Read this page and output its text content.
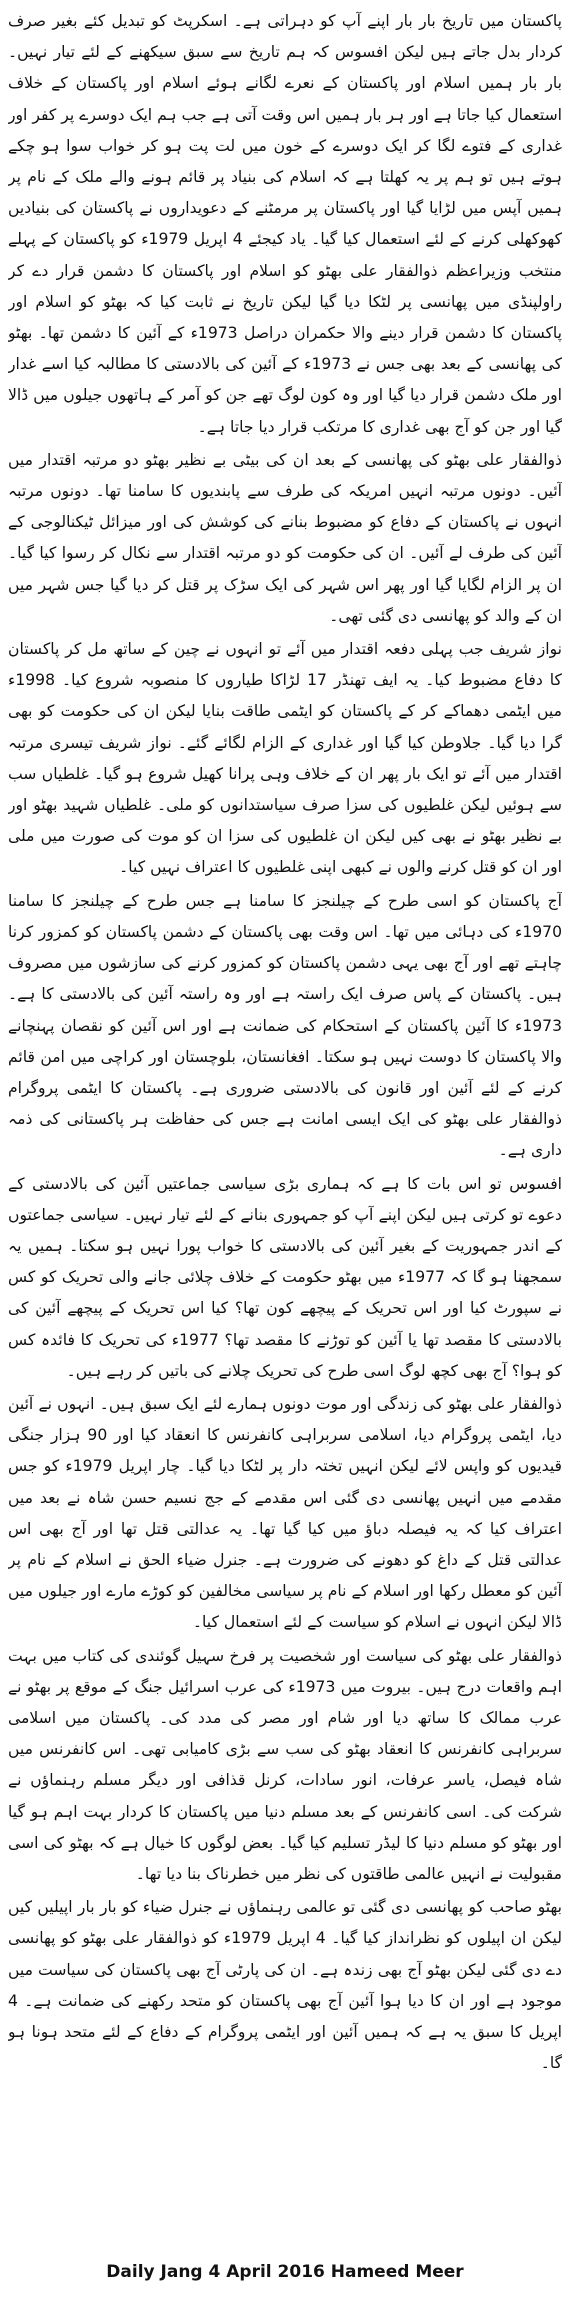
پاکستان میں تاریخ بار بار اپنے آپ کو دہراتی ہے۔ اسکرپٹ کو تبدیل کئے بغیر صرف کردار بدل جاتے ہیں لیکن افسوس کہ ہم تاریخ سے سبق سیکھنے کے لئے تیار نہیں۔ بار بار ہمیں اسلام اور پاکستان کے نعرے لگانے ہوئے اسلام اور پاکستان کے خلاف استعمال کیا جاتا ہے اور ہر بار ہمیں اس وقت آتی ہے جب ہم ایک دوسرے پر کفر اور غداری کے فتوے لگا کر ایک دوسرے کے خون میں لت پت ہو کر خواب سوا ہو چکے ہوتے ہیں تو ہم پر یہ کھلتا ہے کہ اسلام کی بنیاد پر قائم ہونے والے ملک کے نام پر ہمیں آپس میں لڑایا گیا اور پاکستان پر مرمٹنے کے دعویداروں نے پاکستان کی بنیادیں کھوکھلی کرنے کے لئے استعمال کیا گیا۔ یاد کیجئے 4 اپریل 1979ء کو پاکستان کے پہلے منتخب وزیراعظم ذوالفقار علی بھٹو کو اسلام اور پاکستان کا دشمن قرار دے کر راولپنڈی میں پھانسی پر لٹکا دیا گیا لیکن تاریخ نے ثابت کیا کہ بھٹو کو اسلام اور پاکستان کا دشمن قرار دینے والا حکمران دراصل 1973ء کے آئین کا دشمن تھا۔ بھٹو کی پھانسی کے بعد بھی جس نے 1973ء کے آئین کی بالادستی کا مطالبہ کیا اسے غدار اور ملک دشمن قرار دیا گیا اور وہ کون لوگ تھے جن کو آمر کے ہاتھوں جیلوں میں ڈالا گیا اور جن کو آج بھی غداری کا مرتکب قرار دیا جاتا ہے۔

ذوالفقار علی بھٹو کی پھانسی کے بعد ان کی بیٹی بے نظیر بھٹو دو مرتبہ اقتدار میں آئیں۔ دونوں مرتبہ انہیں امریکہ کی طرف سے پابندیوں کا سامنا تھا۔ دونوں مرتبہ انہوں نے پاکستان کے دفاع کو مضبوط بنانے کی کوشش کی اور میزائل ٹیکنالوجی کے آئین کی طرف لے آئیں۔ ان کی حکومت کو دو مرتبہ اقتدار سے نکال کر رسوا کیا گیا۔ ان پر الزام لگایا گیا اور پھر اس شہر کی ایک سڑک پر قتل کر دیا گیا جس شہر میں ان کے والد کو پھانسی دی گئی تھی۔

نواز شریف جب پہلی دفعہ اقتدار میں آئے تو انہوں نے چین کے ساتھ مل کر پاکستان کا دفاع مضبوط کیا۔ یہ ایف تھنڈر 17 لڑاکا طیاروں کا منصوبہ شروع کیا۔ 1998ء میں ایٹمی دھماکے کر کے پاکستان کو ایٹمی طاقت بنایا لیکن ان کی حکومت کو بھی گرا دیا گیا۔ جلاوطن کیا گیا اور غداری کے الزام لگائے گئے۔ نواز شریف تیسری مرتبہ اقتدار میں آئے تو ایک بار پھر ان کے خلاف وہی پرانا کھیل شروع ہو گیا۔ غلطیاں سب سے ہوئیں لیکن غلطیوں کی سزا صرف سیاستدانوں کو ملی۔ غلطیاں شہید بھٹو اور بے نظیر بھٹو نے بھی کیں لیکن ان غلطیوں کی سزا ان کو موت کی صورت میں ملی اور ان کو قتل کرنے والوں نے کبھی اپنی غلطیوں کا اعتراف نہیں کیا۔

آج پاکستان کو اسی طرح کے چیلنجز کا سامنا ہے جس طرح کے چیلنجز کا سامنا 1970ء کی دہائی میں تھا۔ اس وقت بھی پاکستان کے دشمن پاکستان کو کمزور کرنا چاہتے تھے اور آج بھی یہی دشمن پاکستان کو کمزور کرنے کی سازشوں میں مصروف ہیں۔ پاکستان کے پاس صرف ایک راستہ ہے اور وہ راستہ آئین کی بالادستی کا ہے۔ 1973ء کا آئین پاکستان کے استحکام کی ضمانت ہے اور اس آئین کو نقصان پہنچانے والا پاکستان کا دوست نہیں ہو سکتا۔ افغانستان، بلوچستان اور کراچی میں امن قائم کرنے کے لئے آئین اور قانون کی بالادستی ضروری ہے۔ پاکستان کا ایٹمی پروگرام ذوالفقار علی بھٹو کی ایک ایسی امانت ہے جس کی حفاظت ہر پاکستانی کی ذمہ داری ہے۔

افسوس تو اس بات کا ہے کہ ہماری بڑی سیاسی جماعتیں آئین کی بالادستی کے دعوے تو کرتی ہیں لیکن اپنے آپ کو جمہوری بنانے کے لئے تیار نہیں۔ سیاسی جماعتوں کے اندر جمہوریت کے بغیر آئین کی بالادستی کا خواب پورا نہیں ہو سکتا۔ ہمیں یہ سمجھنا ہو گا کہ 1977ء میں بھٹو حکومت کے خلاف چلائی جانے والی تحریک کو کس نے سپورٹ کیا اور اس تحریک کے پیچھے کون تھا؟ کیا اس تحریک کے پیچھے آئین کی بالادستی کا مقصد تھا یا آئین کو توڑنے کا مقصد تھا؟ 1977ء کی تحریک کا فائدہ کس کو ہوا؟ آج بھی کچھ لوگ اسی طرح کی تحریک چلانے کی باتیں کر رہے ہیں۔

ذوالفقار علی بھٹو کی زندگی اور موت دونوں ہمارے لئے ایک سبق ہیں۔ انہوں نے آئین دیا، ایٹمی پروگرام دیا، اسلامی سربراہی کانفرنس کا انعقاد کیا اور 90 ہزار جنگی قیدیوں کو واپس لائے لیکن انہیں تختہ دار پر لٹکا دیا گیا۔ چار اپریل 1979ء کو جس مقدمے میں انہیں پھانسی دی گئی اس مقدمے کے جج نسیم حسن شاہ نے بعد میں اعتراف کیا کہ یہ فیصلہ دباؤ میں کیا گیا تھا۔ یہ عدالتی قتل تھا اور آج بھی اس عدالتی قتل کے داغ کو دھونے کی ضرورت ہے۔ جنرل ضیاء الحق نے اسلام کے نام پر آئین کو معطل رکھا اور اسلام کے نام پر سیاسی مخالفین کو کوڑے مارے اور جیلوں میں ڈالا لیکن انہوں نے اسلام کو سیاست کے لئے استعمال کیا۔

ذوالفقار علی بھٹو کی سیاست اور شخصیت پر فرخ سہیل گوئندی کی کتاب میں بہت اہم واقعات درج ہیں۔ بیروت میں 1973ء کی عرب اسرائیل جنگ کے موقع پر بھٹو نے عرب ممالک کا ساتھ دیا اور شام اور مصر کی مدد کی۔ پاکستان میں اسلامی سربراہی کانفرنس کا انعقاد بھٹو کی سب سے بڑی کامیابی تھی۔ اس کانفرنس میں شاہ فیصل، یاسر عرفات، انور سادات، کرنل قذافی اور دیگر مسلم رہنماؤں نے شرکت کی۔ اسی کانفرنس کے بعد مسلم دنیا میں پاکستان کا کردار بہت اہم ہو گیا اور بھٹو کو مسلم دنیا کا لیڈر تسلیم کیا گیا۔ بعض لوگوں کا خیال ہے کہ بھٹو کی اسی مقبولیت نے انہیں عالمی طاقتوں کی نظر میں خطرناک بنا دیا تھا۔

بھٹو صاحب کو پھانسی دی گئی تو عالمی رہنماؤں نے جنرل ضیاء کو بار بار اپیلیں کیں لیکن ان اپیلوں کو نظرانداز کیا گیا۔ 4 اپریل 1979ء کو ذوالفقار علی بھٹو کو پھانسی دے دی گئی لیکن بھٹو آج بھی زندہ ہے۔ ان کی پارٹی آج بھی پاکستان کی سیاست میں موجود ہے اور ان کا دیا ہوا آئین آج بھی پاکستان کو متحد رکھنے کی ضمانت ہے۔ 4 اپریل کا سبق یہ ہے کہ ہمیں آئین اور ایٹمی پروگرام کے دفاع کے لئے متحد ہونا ہو گا۔

Daily Jang 4 April 2016 Hameed Meer
